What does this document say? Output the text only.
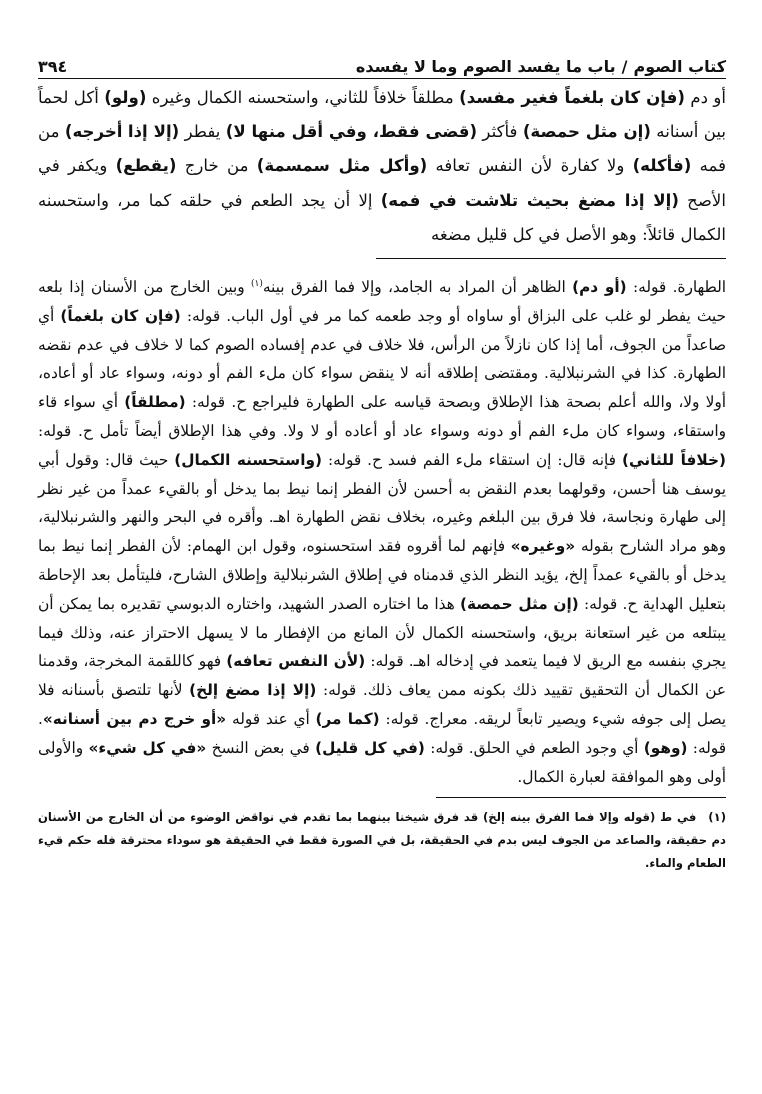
كتاب الصوم/باب ما يفسد الصوم وما لا يفسده
٣٩٤
أو دم (فإن كان بلغماً فغير مفسد) مطلقاً خلافاً للثاني، واستحسنه الكمال وغيره (ولو) أكل لحماً بين أسنانه (إن مثل حمصة) فأكثر (قضى فقط، وفي أقل منها لا) يفطر (إلا إذا أخرجه) من فمه (فأكله) ولا كفارة لأن النفس تعافه (وأكل مثل سمسمة) من خارج (يقطع) ويكفر في الأصح (إلا إذا مضغ بحيث تلاشت في فمه) إلا أن يجد الطعم في حلقه كما مر، واستحسنه الكمال قائلاً: وهو الأصل في كل قليل مضغه
الطهارة. قوله: (أو دم) الظاهر أن المراد به الجامد، وإلا فما الفرق بينه$^{(١)}$ وبين الخارج من الأسنان إذا بلعه حيث يفطر لو غلب على البزاق أو ساواه أو وجد طعمه كما مر في أول الباب. قوله: (فإن كان بلغماً) أي صاعداً من الجوف، أما إذا كان نازلاً من الرأس، فلا خلاف في عدم إفساده الصوم كما لا خلاف في عدم نقضه الطهارة. كذا في الشرنبلالية. ومقتضى إطلاقه أنه لا ينقض سواء كان ملء الفم أو دونه، وسواء عاد أو أعاده، أولا ولا، والله أعلم بصحة هذا الإطلاق وبصحة قياسه على الطهارة فليراجع ح. قوله: (مطلقاً) أي سواء قاء واستقاء، وسواء كان ملء الفم أو دونه وسواء عاد أو أعاده أو لا ولا. وفي هذا الإطلاق أيضاً تأمل ح. قوله: (خلافاً للثاني) فإنه قال: إن استقاء ملء الفم فسد ح. قوله: (واستحسنه الكمال) حيث قال: وقول أبي يوسف هنا أحسن، وقولهما بعدم النقض به أحسن لأن الفطر إنما نيط بما يدخل أو بالقيء عمداً من غير نظر إلى طهارة ونجاسة، فلا فرق بين البلغم وغيره، بخلاف نقض الطهارة اهـ. وأقره في البحر والنهر والشرنبلالية، وهو مراد الشارح بقوله «وغيره» فإنهم لما أقروه فقد استحسنوه، وقول ابن الهمام: لأن الفطر إنما نيط بما يدخل أو بالقيء عمداً إلخ، يؤيد النظر الذي قدمناه في إطلاق الشرنبلالية وإطلاق الشارح، فليتأمل بعد الإحاطة بتعليل الهداية ح. قوله: (إن مثل حمصة) هذا ما اختاره الصدر الشهيد، واختاره الدبوسي تقديره بما يمكن أن يبتلعه من غير استعانة بريق، واستحسنه الكمال لأن المانع من الإفطار ما لا يسهل الاحتراز عنه، وذلك فيما يجري بنفسه مع الريق لا فيما يتعمد في إدخاله اهـ. قوله: (لأن النفس تعافه) فهو كاللقمة المخرجة، وقدمنا عن الكمال أن التحقيق تقييد ذلك بكونه ممن يعاف ذلك. قوله: (إلا إذا مضغ إلخ) لأنها تلتصق بأسنانه فلا يصل إلى جوفه شيء ويصير تابعاً لريقه. معراج. قوله: (كما مر) أي عند قوله «أو خرج دم بين أسنانه». قوله: (وهو) أي وجود الطعم في الحلق. قوله: (في كل قليل) في بعض النسخ «في كل شيء» والأولى أولى وهو الموافقة لعبارة الكمال.
(١)في ط (قوله وإلا فما الفرق بينه إلخ) قد فرق شيخنا بينهما بما تقدم في نواقض الوضوء من أن الخارج من الأسنان دم حقيقة، والصاعد من الجوف ليس بدم في الحقيقة، بل في الصورة فقط في الحقيقة هو سوداء محترقة فله حكم قيء الطعام والماء.
